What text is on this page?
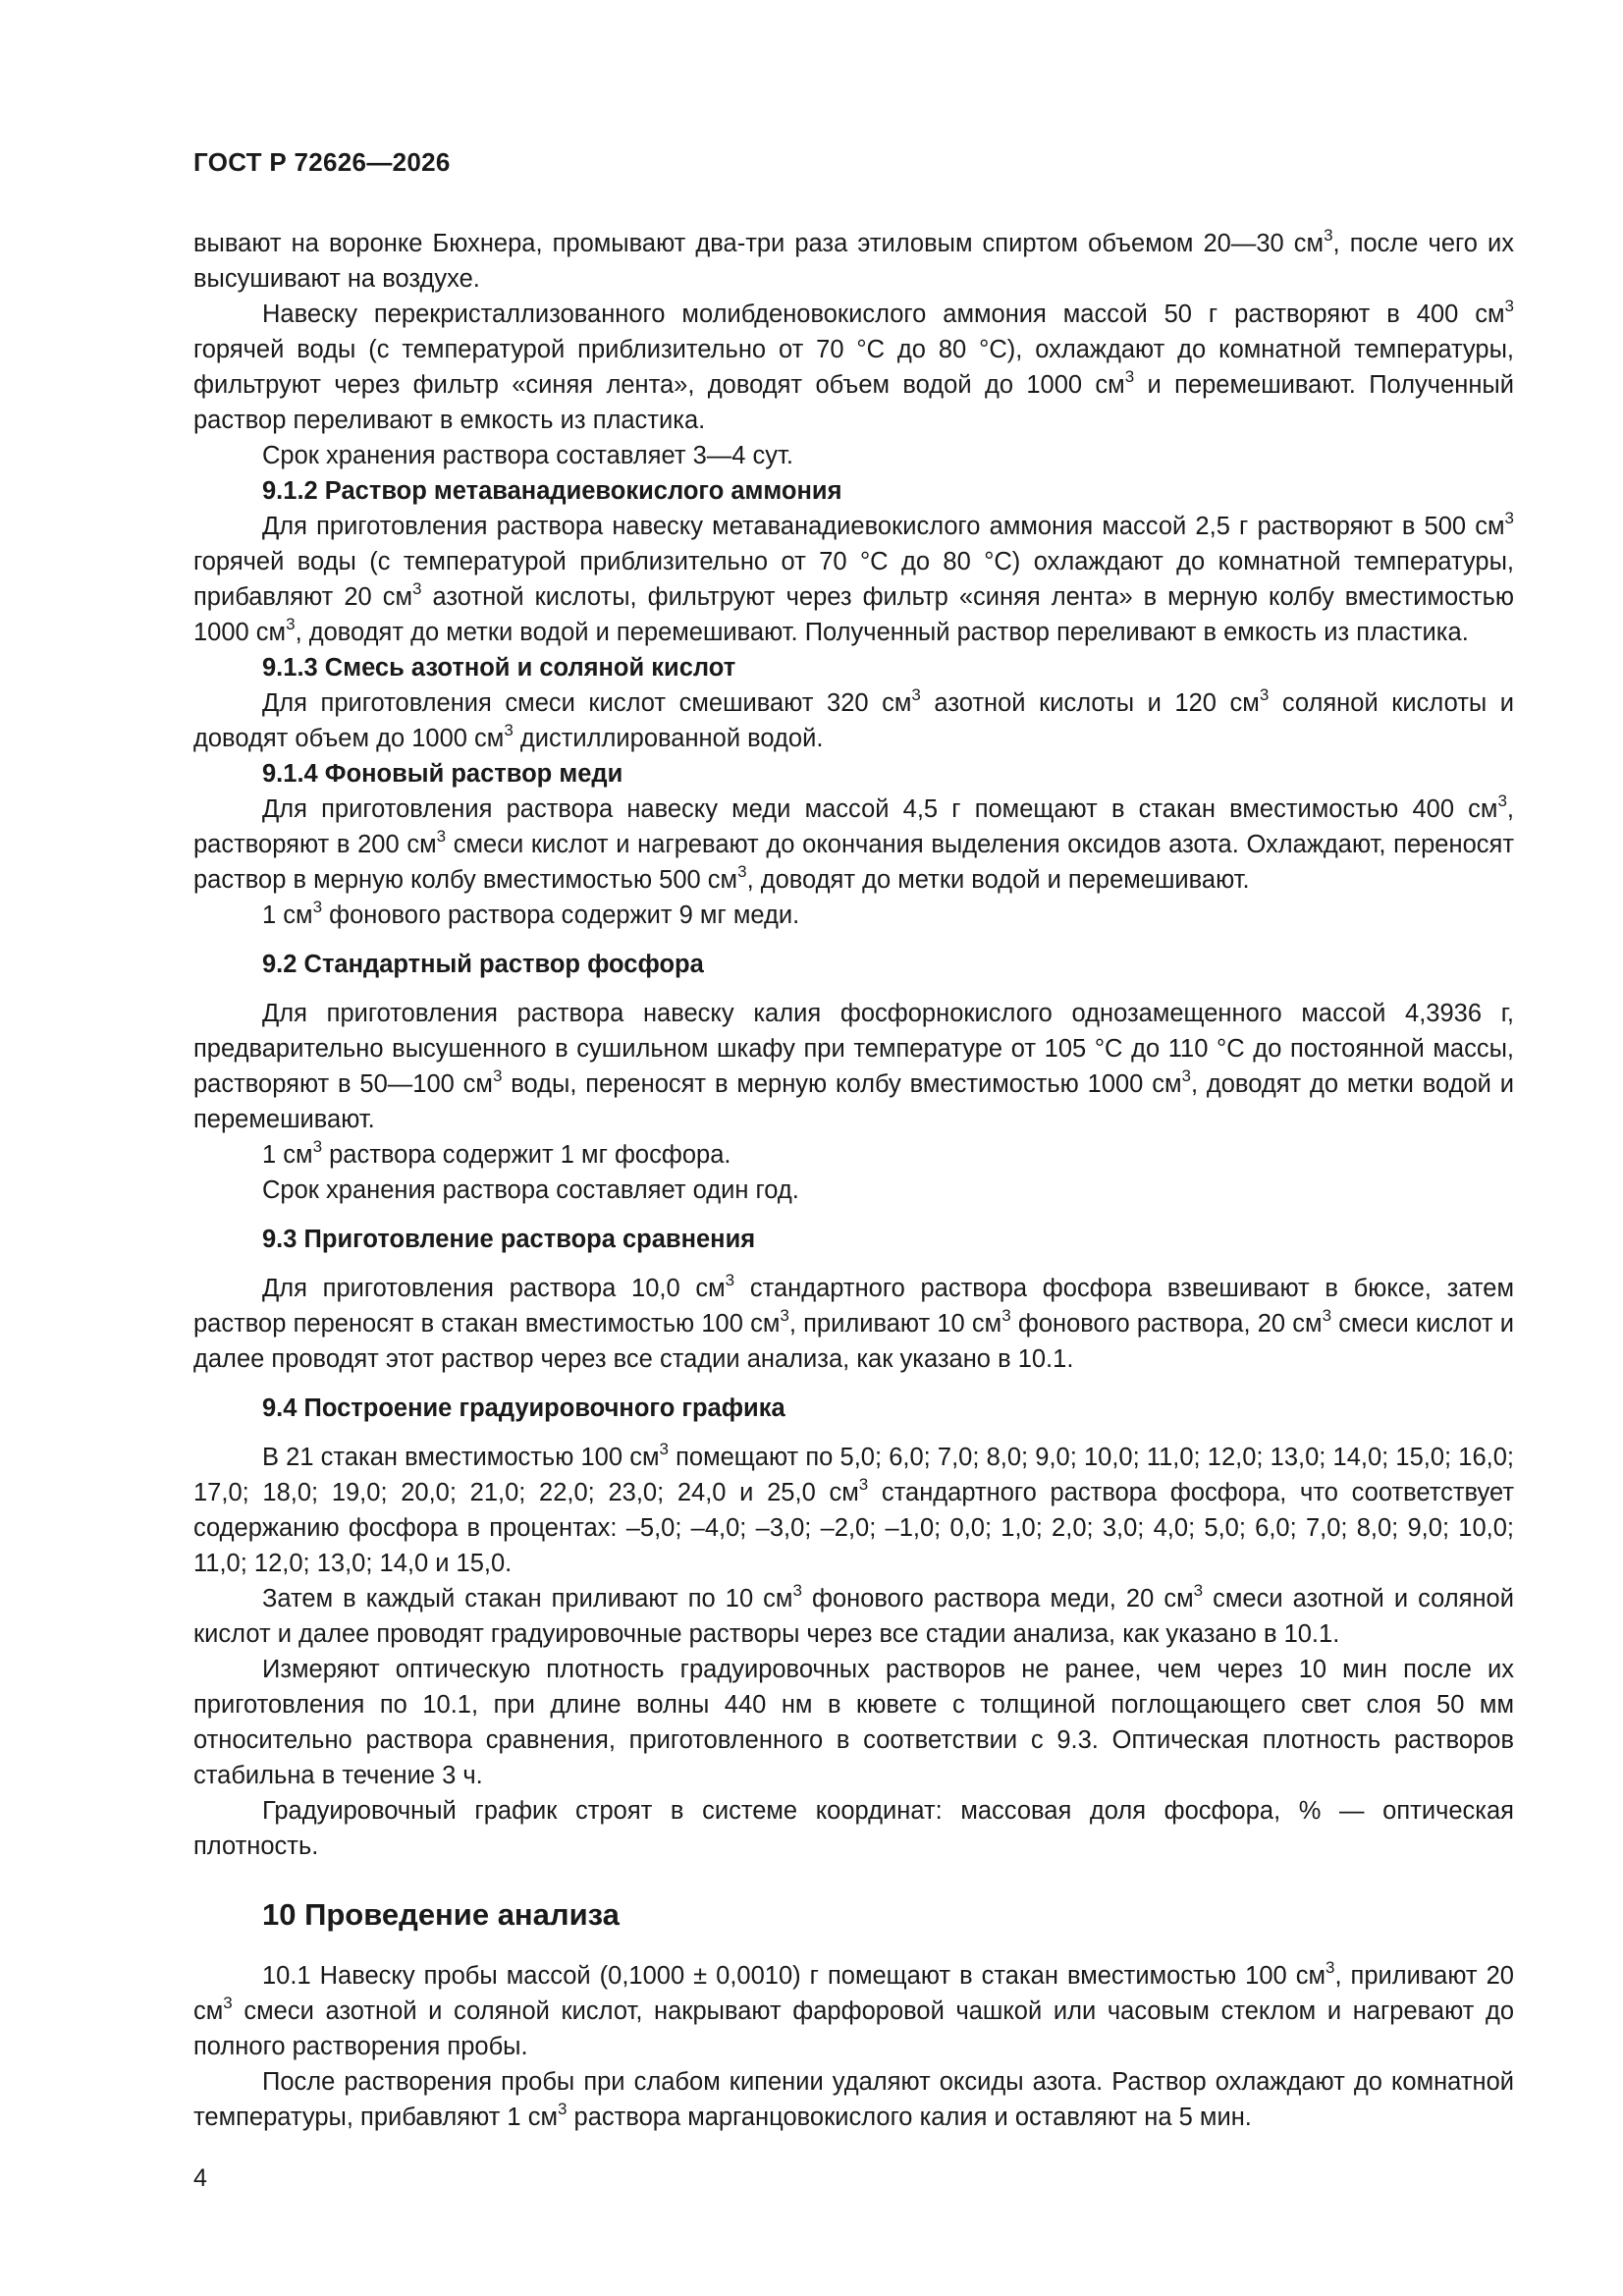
ГОСТ Р 72626—2026

вывают на воронке Бюхнера, промывают два-три раза этиловым спиртом объемом 20—30 $см^3$, после чего их высушивают на воздухе.

Навеску перекристаллизованного молибденовокислого аммония массой 50 г растворяют в 400 $см^3$ горячей воды (с температурой приблизительно от 70 °С до 80 °С), охлаждают до комнатной температуры, фильтруют через фильтр «синяя лента», доводят объем водой до 1000 $см^3$ и перемешивают. Полученный раствор переливают в емкость из пластика.

Срок хранения раствора составляет 3—4 сут.

9.1.2 Раствор метаванадиевокислого аммония

Для приготовления раствора навеску метаванадиевокислого аммония массой 2,5 г растворяют в 500 $см^3$ горячей воды (с температурой приблизительно от 70 °С до 80 °С) охлаждают до комнатной температуры, прибавляют 20 $см^3$ азотной кислоты, фильтруют через фильтр «синяя лента» в мерную колбу вместимостью 1000 $см^3$, доводят до метки водой и перемешивают. Полученный раствор переливают в емкость из пластика.

9.1.3 Смесь азотной и соляной кислот

Для приготовления смеси кислот смешивают 320 $см^3$ азотной кислоты и 120 $см^3$ соляной кислоты и доводят объем до 1000 $см^3$ дистиллированной водой.

9.1.4 Фоновый раствор меди

Для приготовления раствора навеску меди массой 4,5 г помещают в стакан вместимостью 400 $см^3$, растворяют в 200 $см^3$ смеси кислот и нагревают до окончания выделения оксидов азота. Охлаждают, переносят раствор в мерную колбу вместимостью 500 $см^3$, доводят до метки водой и перемешивают.

1 $см^3$ фонового раствора содержит 9 мг меди.

9.2 Стандартный раствор фосфора

Для приготовления раствора навеску калия фосфорнокислого однозамещенного массой 4,3936 г, предварительно высушенного в сушильном шкафу при температуре от 105 °С до 110 °С до постоянной массы, растворяют в 50—100 $см^3$ воды, переносят в мерную колбу вместимостью 1000 $см^3$, доводят до метки водой и перемешивают.

1 $см^3$ раствора содержит 1 мг фосфора.

Срок хранения раствора составляет один год.

9.3 Приготовление раствора сравнения

Для приготовления раствора 10,0 $см^3$ стандартного раствора фосфора взвешивают в бюксе, затем раствор переносят в стакан вместимостью 100 $см^3$, приливают 10 $см^3$ фонового раствора, 20 $см^3$ смеси кислот и далее проводят этот раствор через все стадии анализа, как указано в 10.1.

9.4 Построение градуировочного графика

В 21 стакан вместимостью 100 $см^3$ помещают по 5,0; 6,0; 7,0; 8,0; 9,0; 10,0; 11,0; 12,0; 13,0; 14,0; 15,0; 16,0; 17,0; 18,0; 19,0; 20,0; 21,0; 22,0; 23,0; 24,0 и 25,0 $см^3$ стандартного раствора фосфора, что соответствует содержанию фосфора в процентах: –5,0; –4,0; –3,0; –2,0; –1,0; 0,0; 1,0; 2,0; 3,0; 4,0; 5,0; 6,0; 7,0; 8,0; 9,0; 10,0; 11,0; 12,0; 13,0; 14,0 и 15,0.

Затем в каждый стакан приливают по 10 $см^3$ фонового раствора меди, 20 $см^3$ смеси азотной и соляной кислот и далее проводят градуировочные растворы через все стадии анализа, как указано в 10.1.

Измеряют оптическую плотность градуировочных растворов не ранее, чем через 10 мин после их приготовления по 10.1, при длине волны 440 нм в кювете с толщиной поглощающего свет слоя 50 мм относительно раствора сравнения, приготовленного в соответствии с 9.3. Оптическая плотность растворов стабильна в течение 3 ч.

Градуировочный график строят в системе координат: массовая доля фосфора, % — оптическая плотность.

10 Проведение анализа

10.1 Навеску пробы массой (0,1000 ± 0,0010) г помещают в стакан вместимостью 100 $см^3$, приливают 20 $см^3$ смеси азотной и соляной кислот, накрывают фарфоровой чашкой или часовым стеклом и нагревают до полного растворения пробы.

После растворения пробы при слабом кипении удаляют оксиды азота. Раствор охлаждают до комнатной температуры, прибавляют 1 $см^3$ раствора марганцовокислого калия и оставляют на 5 мин.

4
